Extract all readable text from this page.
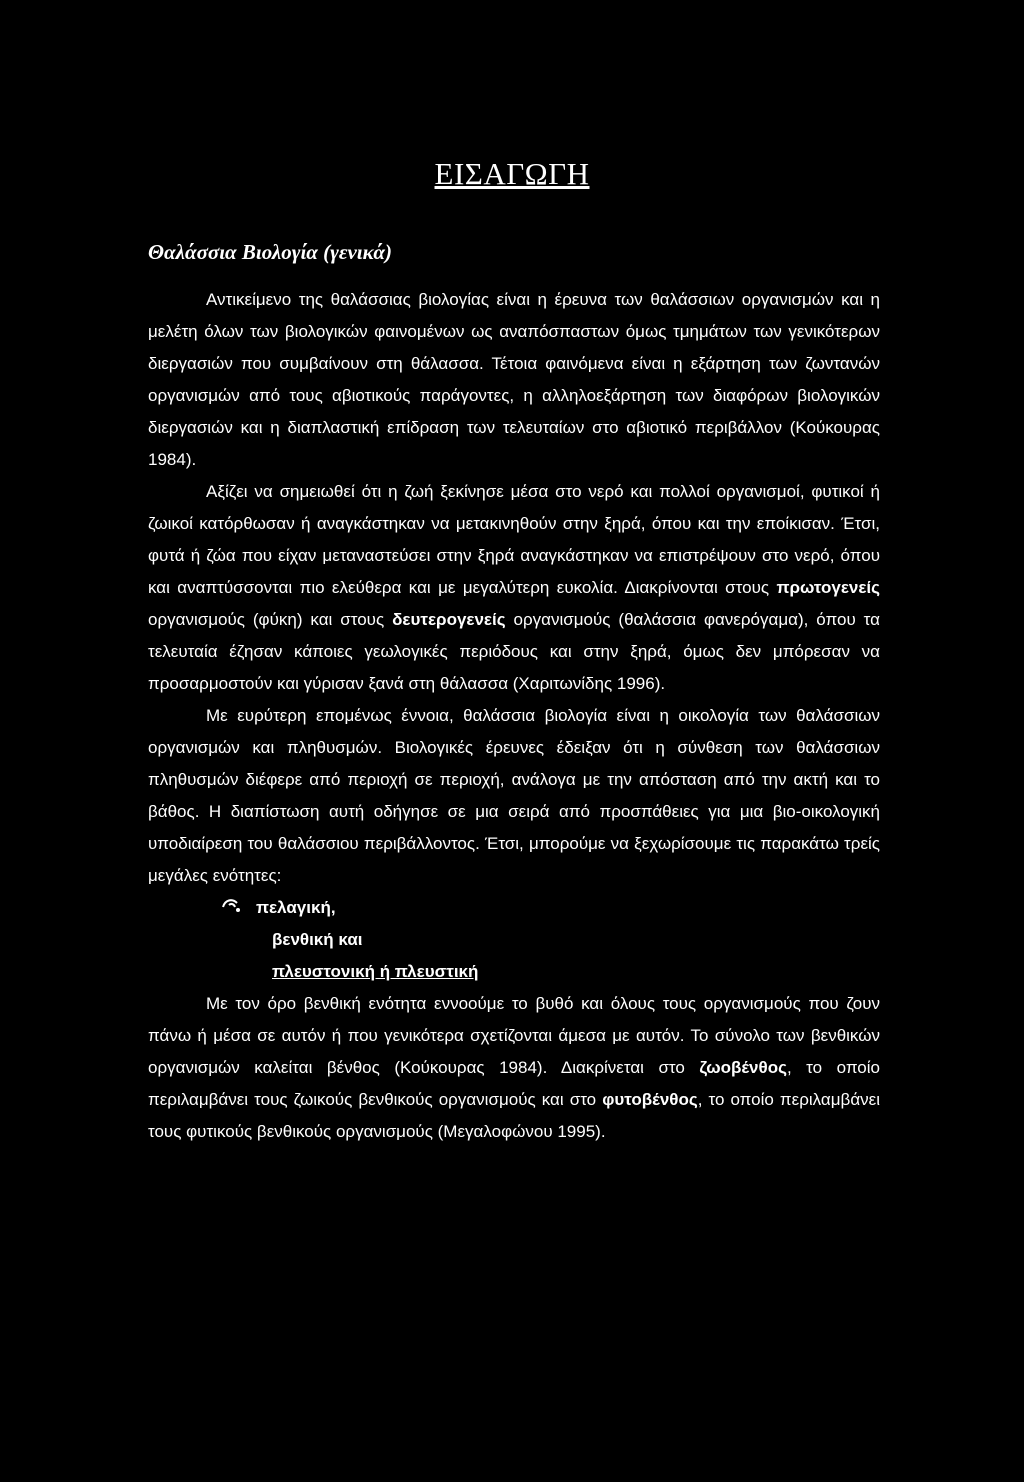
ΕΙΣΑΓΩΓΗ
Θαλάσσια Βιολογία (γενικά)

Αντικείμενο της θαλάσσιας βιολογίας είναι η έρευνα των θαλάσσιων οργανισμών και η μελέτη όλων των βιολογικών φαινομένων ως αναπόσπαστων όμως τμημάτων των γενικότερων διεργασιών που συμβαίνουν στη θάλασσα. Τέτοια φαινόμενα είναι η εξάρτηση των ζωντανών οργανισμών από τους αβιοτικούς παράγοντες, η αλληλοεξάρτηση των διαφόρων βιολογικών διεργασιών και η διαπλαστική επίδραση των τελευταίων στο αβιοτικό περιβάλλον (Κούκουρας 1984).

Αξίζει να σημειωθεί ότι η ζωή ξεκίνησε μέσα στο νερό και πολλοί οργανισμοί, φυτικοί ή ζωικοί κατόρθωσαν ή αναγκάστηκαν να μετακινηθούν στην ξηρά, όπου και την εποίκισαν. Έτσι, φυτά ή ζώα που είχαν μεταναστεύσει στην ξηρά αναγκάστηκαν να επιστρέψουν στο νερό, όπου και αναπτύσσονται πιο ελεύθερα και με μεγαλύτερη ευκολία. Διακρίνονται στους πρωτογενείς οργανισμούς (φύκη) και στους δευτερογενείς οργανισμούς (θαλάσσια φανερόγαμα), όπου τα τελευταία έζησαν κάποιες γεωλογικές περιόδους και στην ξηρά, όμως δεν μπόρεσαν να προσαρμοστούν και γύρισαν ξανά στη θάλασσα (Χαριτωνίδης 1996).

Με ευρύτερη επομένως έννοια, θαλάσσια βιολογία είναι η οικολογία των θαλάσσιων οργανισμών και πληθυσμών. Βιολογικές έρευνες έδειξαν ότι η σύνθεση των θαλάσσιων πληθυσμών διέφερε από περιοχή σε περιοχή, ανάλογα με την απόσταση από την ακτή και το βάθος. Η διαπίστωση αυτή οδήγησε σε μια σειρά από προσπάθειες για μια βιο-οικολογική υποδιαίρεση του θαλάσσιου περιβάλλοντος. Έτσι, μπορούμε να ξεχωρίσουμε τις παρακάτω τρείς μεγάλες ενότητες:

πελαγική,
βενθική και
πλευστονική ή πλευστική

Με τον όρο βενθική ενότητα εννοούμε το βυθό και όλους τους οργανισμούς που ζουν πάνω ή μέσα σε αυτόν ή που γενικότερα σχετίζονται άμεσα με αυτόν. Το σύνολο των βενθικών οργανισμών καλείται βένθος (Κούκουρας 1984). Διακρίνεται στο ζωοβένθος, το οποίο περιλαμβάνει τους ζωικούς βενθικούς οργανισμούς και στο φυτοβένθος, το οποίο περιλαμβάνει τους φυτικούς βενθικούς οργανισμούς (Μεγαλοφώνου 1995).
